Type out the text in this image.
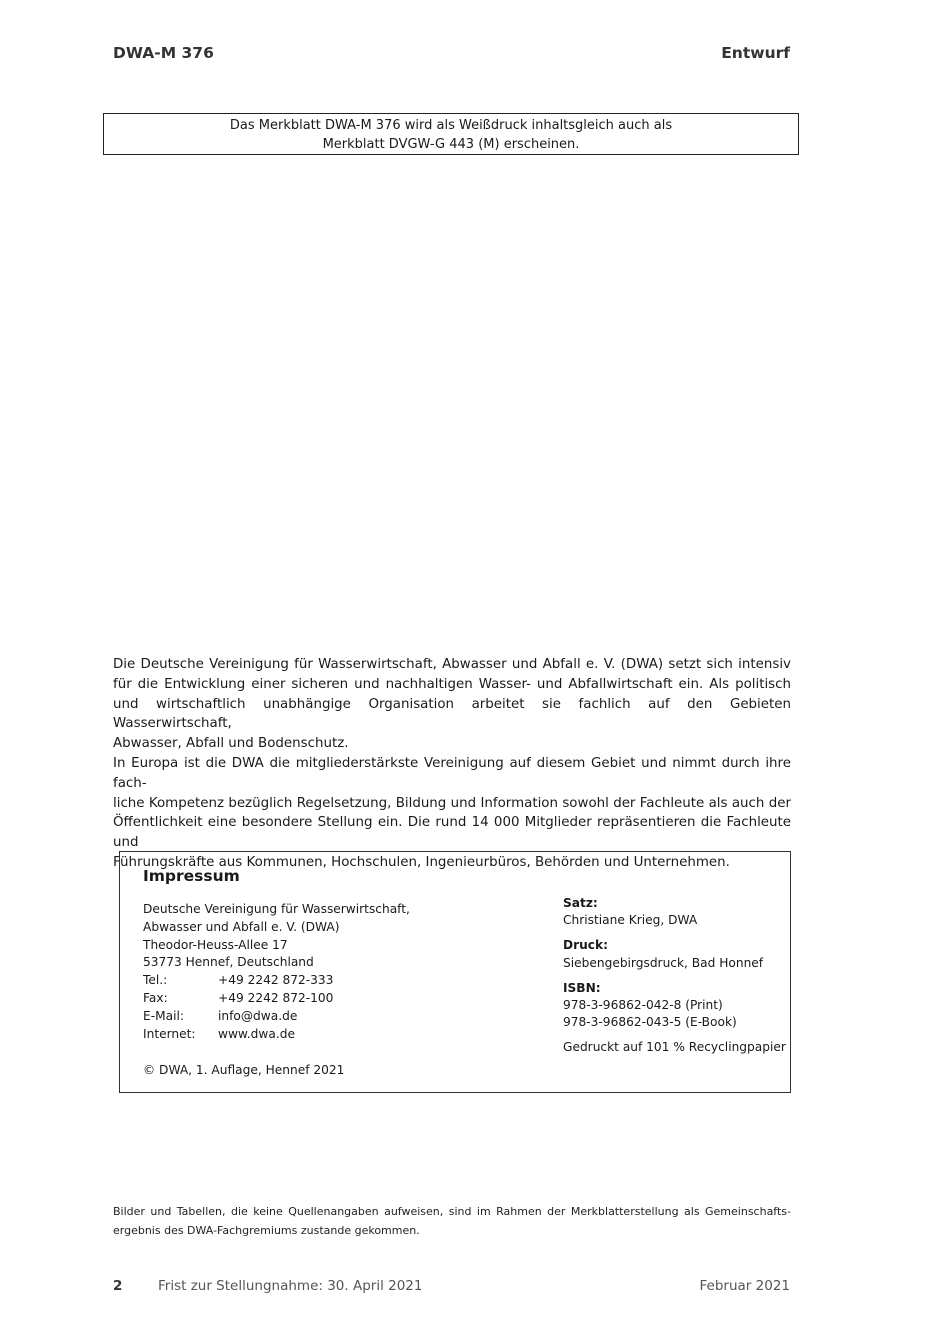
DWA-M 376	Entwurf
Das Merkblatt DWA-M 376 wird als Weißdruck inhaltsgleich auch als
Merkblatt DVGW-G 443 (M) erscheinen.
Die Deutsche Vereinigung für Wasserwirtschaft, Abwasser und Abfall e. V. (DWA) setzt sich intensiv
für die Entwicklung einer sicheren und nachhaltigen Wasser- und Abfallwirtschaft ein. Als politisch
und wirtschaftlich unabhängige Organisation arbeitet sie fachlich auf den Gebieten Wasserwirtschaft,
Abwasser, Abfall und Bodenschutz.
In Europa ist die DWA die mitgliederstärkste Vereinigung auf diesem Gebiet und nimmt durch ihre fach-
liche Kompetenz bezüglich Regelsetzung, Bildung und Information sowohl der Fachleute als auch der
Öffentlichkeit eine besondere Stellung ein. Die rund 14 000 Mitglieder repräsentieren die Fachleute und
Führungskräfte aus Kommunen, Hochschulen, Ingenieurbüros, Behörden und Unternehmen.
Impressum
Deutsche Vereinigung für Wasserwirtschaft,
Abwasser und Abfall e. V. (DWA)
Theodor-Heuss-Allee 17
53773 Hennef, Deutschland
Tel.:	+49 2242 872-333
Fax:	+49 2242 872-100
E-Mail:	info@dwa.de
Internet:	www.dwa.de
© DWA, 1. Auflage, Hennef 2021
Satz:
Christiane Krieg, DWA
Druck:
Siebengebirgsdruck, Bad Honnef
ISBN:
978-3-96862-042-8 (Print)
978-3-96862-043-5 (E-Book)
Gedruckt auf 101 % Recyclingpapier
Bilder und Tabellen, die keine Quellenangaben aufweisen, sind im Rahmen der Merkblatterstellung als Gemeinschafts-
ergebnis des DWA-Fachgremiums zustande gekommen.
2	Frist zur Stellungnahme: 30. April 2021	Februar 2021
